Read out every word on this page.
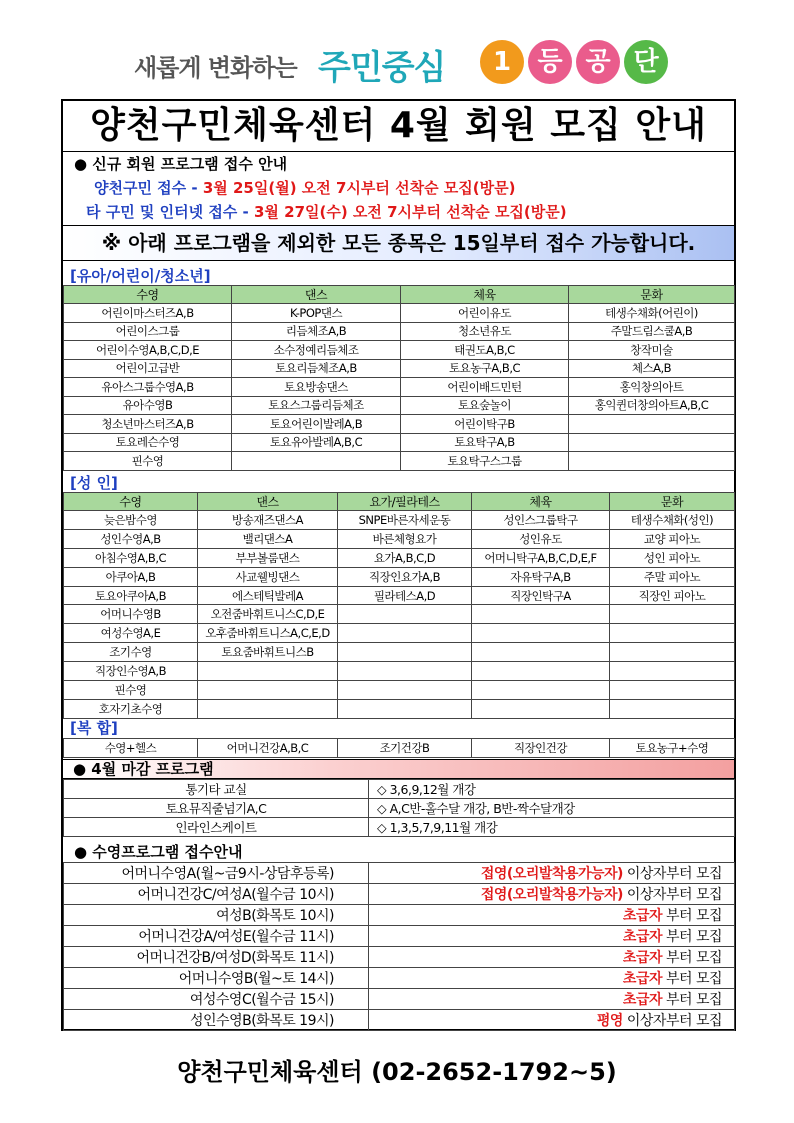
새롭게 변화하는 주민중심	1	등 공 단
양천구민체육센터 4월 회원 모집 안내
● 신규 회원 프로그램 접수 안내
양천구민 접수 - 3월 25일(월) 오전 7시부터 선착순 모집(방문)
타 구민 및 인터넷 접수 - 3월 27일(수) 오전 7시부터 선착순 모집(방문)
※ 아래 프로그램을 제외한 모든 종목은 15일부터 접수 가능합니다.
[유아/어린이/청소년]
수영	댄스	체육	문화
어린이마스터즈A,B	K-POP댄스	어린이유도	테생수채화(어린이)
어린이스그룹	리듬체조A,B	청소년유도	주말드림스쿨A,B
어린이수영A,B,C,D,E	소수정예리듬체조	태권도A,B,C	창작미술
어린이고급반	토요리듬체조A,B	토요농구A,B,C	체스A,B
유아스그룹수영A,B	토요방송댄스	어린이배드민턴	홍익창의아트
유아수영B	토요스그룹리듬체조	토요숲놀이	홍익퀸더창의아트A,B,C
청소년마스터즈A,B	토요어린이발레A,B	어린이탁구B	
토요레슨수영	토요유아발레A,B,C	토요탁구A,B	
핀수영		토요탁구스그룹	
[성 인]
수영	댄스	요가/필라테스	체육	문화
늦은밤수영	방송재즈댄스A	SNPE바른자세운동	성인스그룹탁구	테생수채화(성인)
성인수영A,B	밸리댄스A	바른체형요가	성인유도	교양 피아노
아침수영A,B,C	부부볼룸댄스	요가A,B,C,D	어머니탁구A,B,C,D,E,F	성인 피아노
아쿠아A,B	사교웰빙댄스	직장인요가A,B	자유탁구A,B	주말 피아노
토요아쿠아A,B	에스테틱발레A	필라테스A,D	직장인탁구A	직장인 피아노
어머니수영B	오전줌바휘트니스C,D,E			
여성수영A,E	오후줌바휘트니스A,C,E,D			
조기수영	토요줌바휘트니스B			
직장인수영A,B				
핀수영				
호자기초수영				
[복 합]
수영+헬스	어머니건강A,B,C	조기건강B	직장인건강	토요농구+수영
● 4월 마감 프로그램
통기타 교실	◇ 3,6,9,12월 개강
토요뮤직줄넘기A,C	◇ A,C반-홀수달 개강, B반-짝수달개강
인라인스케이트	◇ 1,3,5,7,9,11월 개강
● 수영프로그램 접수안내
어머니수영A(월~금9시-상담후등록)	접영(오리발착용가능자) 이상자부터 모집
어머니건강C/여성A(월수금 10시)	접영(오리발착용가능자) 이상자부터 모집
여성B(화목토 10시)	초급자 부터 모집
어머니건강A/여성E(월수금 11시)	초급자 부터 모집
어머니건강B/여성D(화목토 11시)	초급자 부터 모집
어머니수영B(월~토 14시)	초급자 부터 모집
여성수영C(월수금 15시)	초급자 부터 모집
성인수영B(화목토 19시)	평영 이상자부터 모집
양천구민체육센터 (02-2652-1792~5)
